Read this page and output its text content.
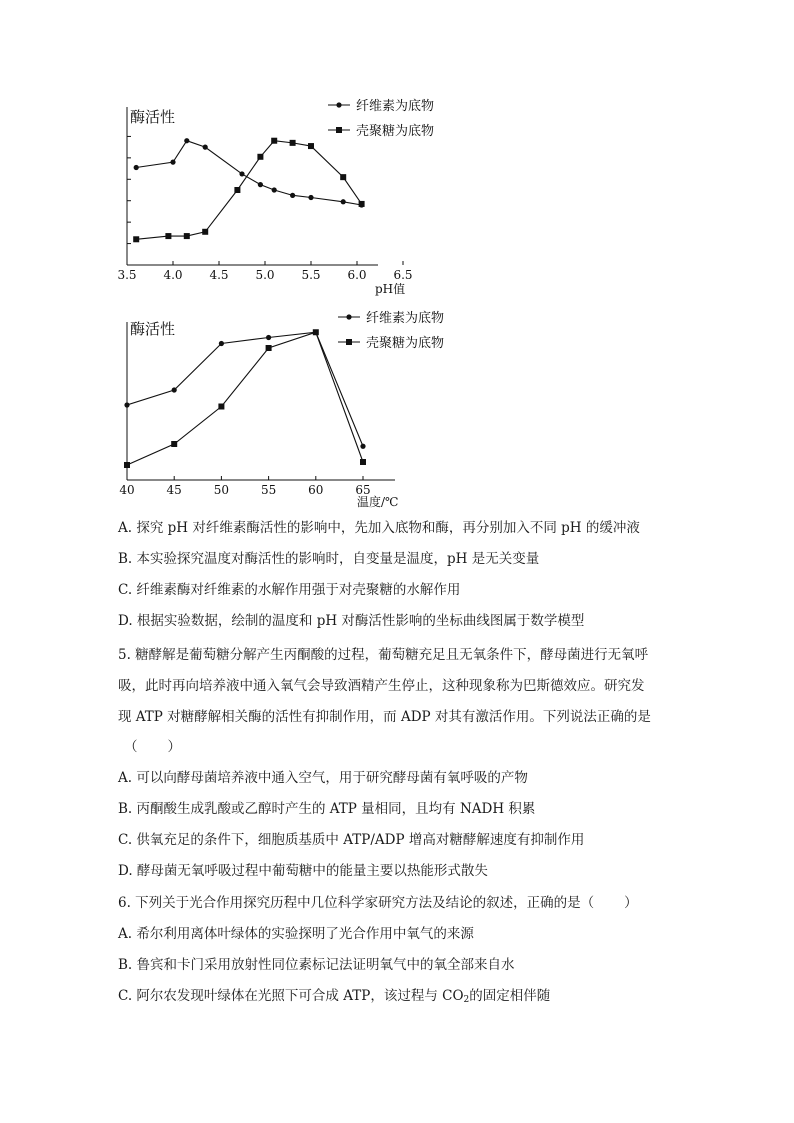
3.5 4.0 4.5 5.0 5.5 6.0 6.5
酶活性
pH值
纤维素为底物
壳聚糖为底物
40	45	50	55	60	65
酶活性
温度/℃
纤维素为底物
壳聚糖为底物
A. 探究 pH 对纤维素酶活性的影响中，先加入底物和酶，再分别加入不同 pH 的缓冲液
B. 本实验探究温度对酶活性的影响时，自变量是温度，pH 是无关变量
C. 纤维素酶对纤维素的水解作用强于对壳聚糖的水解作用
D. 根据实验数据，绘制的温度和 pH 对酶活性影响的坐标曲线图属于数学模型
5. 糖酵解是葡萄糖分解产生丙酮酸的过程，葡萄糖充足且无氧条件下，酵母菌进行无氧呼
吸，此时再向培养液中通入氧气会导致酒精产生停止，这种现象称为巴斯德效应。研究发
现 ATP 对糖酵解相关酶的活性有抑制作用，而 ADP 对其有激活作用。下列说法正确的是
（ ）
A. 可以向酵母菌培养液中通入空气，用于研究酵母菌有氧呼吸的产物
B. 丙酮酸生成乳酸或乙醇时产生的 ATP 量相同，且均有 NADH 积累
C. 供氧充足的条件下，细胞质基质中 ATP/ADP 增高对糖酵解速度有抑制作用
D. 酵母菌无氧呼吸过程中葡萄糖中的能量主要以热能形式散失
6. 下列关于光合作用探究历程中几位科学家研究方法及结论的叙述，正确的是（ ）
A. 希尔利用离体叶绿体的实验探明了光合作用中氧气的来源
B. 鲁宾和卡门采用放射性同位素标记法证明氧气中的氧全部来自水
C. 阿尔农发现叶绿体在光照下可合成 ATP，该过程与 $CO_2$的固定相伴随
